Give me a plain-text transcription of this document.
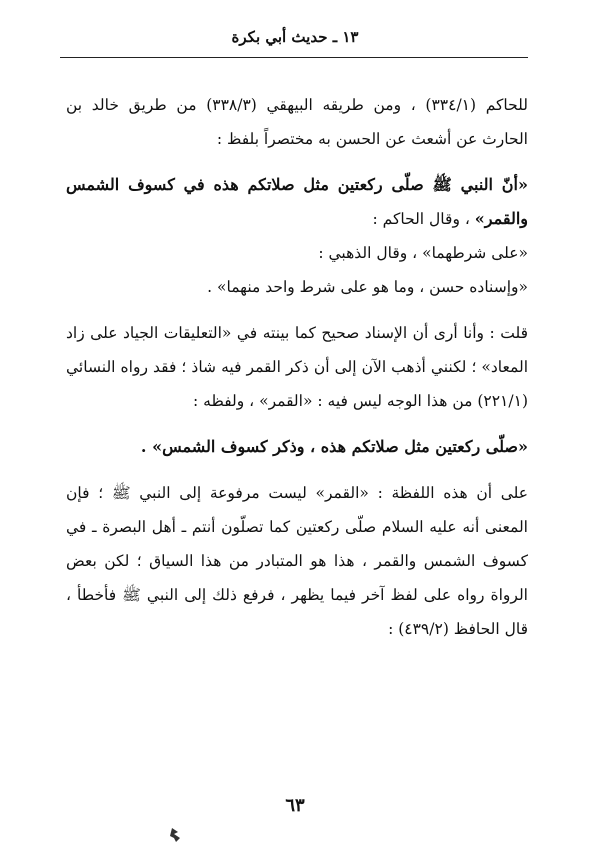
١٣ ـ حديث أبي بكرة

للحاكم (٣٣٤/١) ، ومن طريقه البيهقي (٣٣٨/٣) من طريق خالد بن الحارث عن أشعث عن الحسن به مختصراً بلفظ :

«أنّ النبي ﷺ صلّى ركعتين مثل صلاتكم هذه في كسوف الشمس والقمر» ، وقال الحاكم :

«على شرطهما» ، وقال الذهبي :

«وإسناده حسن ، وما هو على شرط واحد منهما» .

قلت : وأنا أرى أن الإسناد صحيح كما بينته في «التعليقات الجياد على زاد المعاد» ؛ لكنني أذهب الآن إلى أن ذكر القمر فيه شاذ ؛ فقد رواه النسائي (٢٢١/١) من هذا الوجه ليس فيه : «القمر» ، ولفظه :

«صلّى ركعتين مثل صلاتكم هذه ، وذكر كسوف الشمس» .

على أن هذه اللفظة : «القمر» ليست مرفوعة إلى النبي ﷺ ؛ فإن المعنى أنه عليه السلام صلّى ركعتين كما تصلّون أنتم ـ أهل البصرة ـ في كسوف الشمس والقمر ، هذا هو المتبادر من هذا السياق ؛ لكن بعض الرواة رواه على لفظ آخر فيما يظهر ، فرفع ذلك إلى النبي ﷺ فأخطأ ، قال الحافظ (٤٣٩/٢) :

٦٣
